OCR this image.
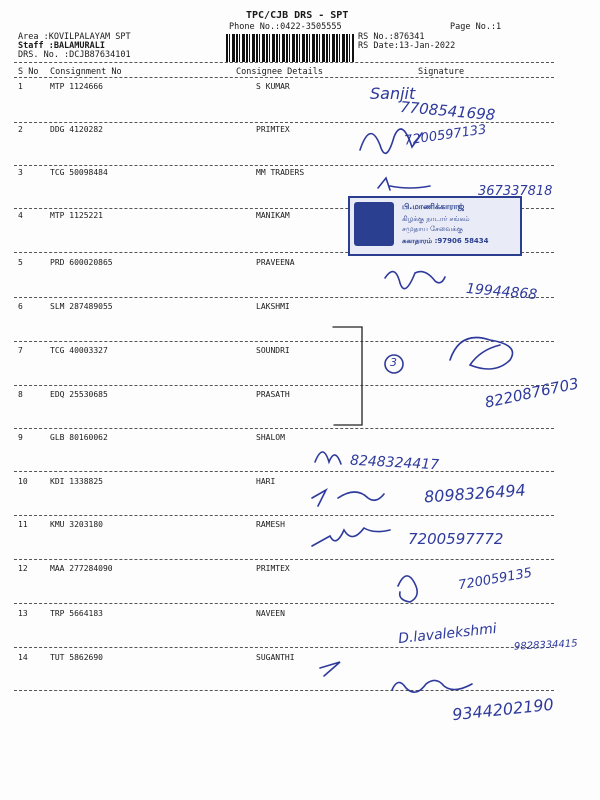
TPC/CJB DRS - SPT
Phone No.:0422-3505555	Page No.:1
Area :KOVILPALAYAM SPT
Staff :BALAMURALI
DRS. No. :DCJB87634101
RS No.:876341
RS Date:13-Jan-2022
S No Consignment No	Consignee Details	Signature
1	MTP 1124666	S KUMAR
2	DDG 4120282	PRIMTEX
3	TCG 50098484	MM TRADERS
4	MTP 1125221	MANIKAM
5	PRD 600020865	PRAVEENA
6	SLM 287489055	LAKSHMI
7	TCG 40003327	SOUNDRI
8	EDQ 25530685	PRASATH
9	GLB 80160062	SHALOM
10	KDI 1338825	HARI
11	KMU 3203180	RAMESH
12	MAA 277284090	PRIMTEX
13	TRP 5664183	NAVEEN
14	TUT 5862690	SUGANTHI
பி.மாணிக்காராஜ்
கிழக்கு நாடார் சங்கம்
சமுதாய சேவைக்கு
சுகாதாரம் :97906 58434
Sanjit
7708541698
7200597133
367337818
19944868
3
8220876703
8248324417
8098326494
7200597772
720059135
D.lavalekshmi 9828334415
9344202190
